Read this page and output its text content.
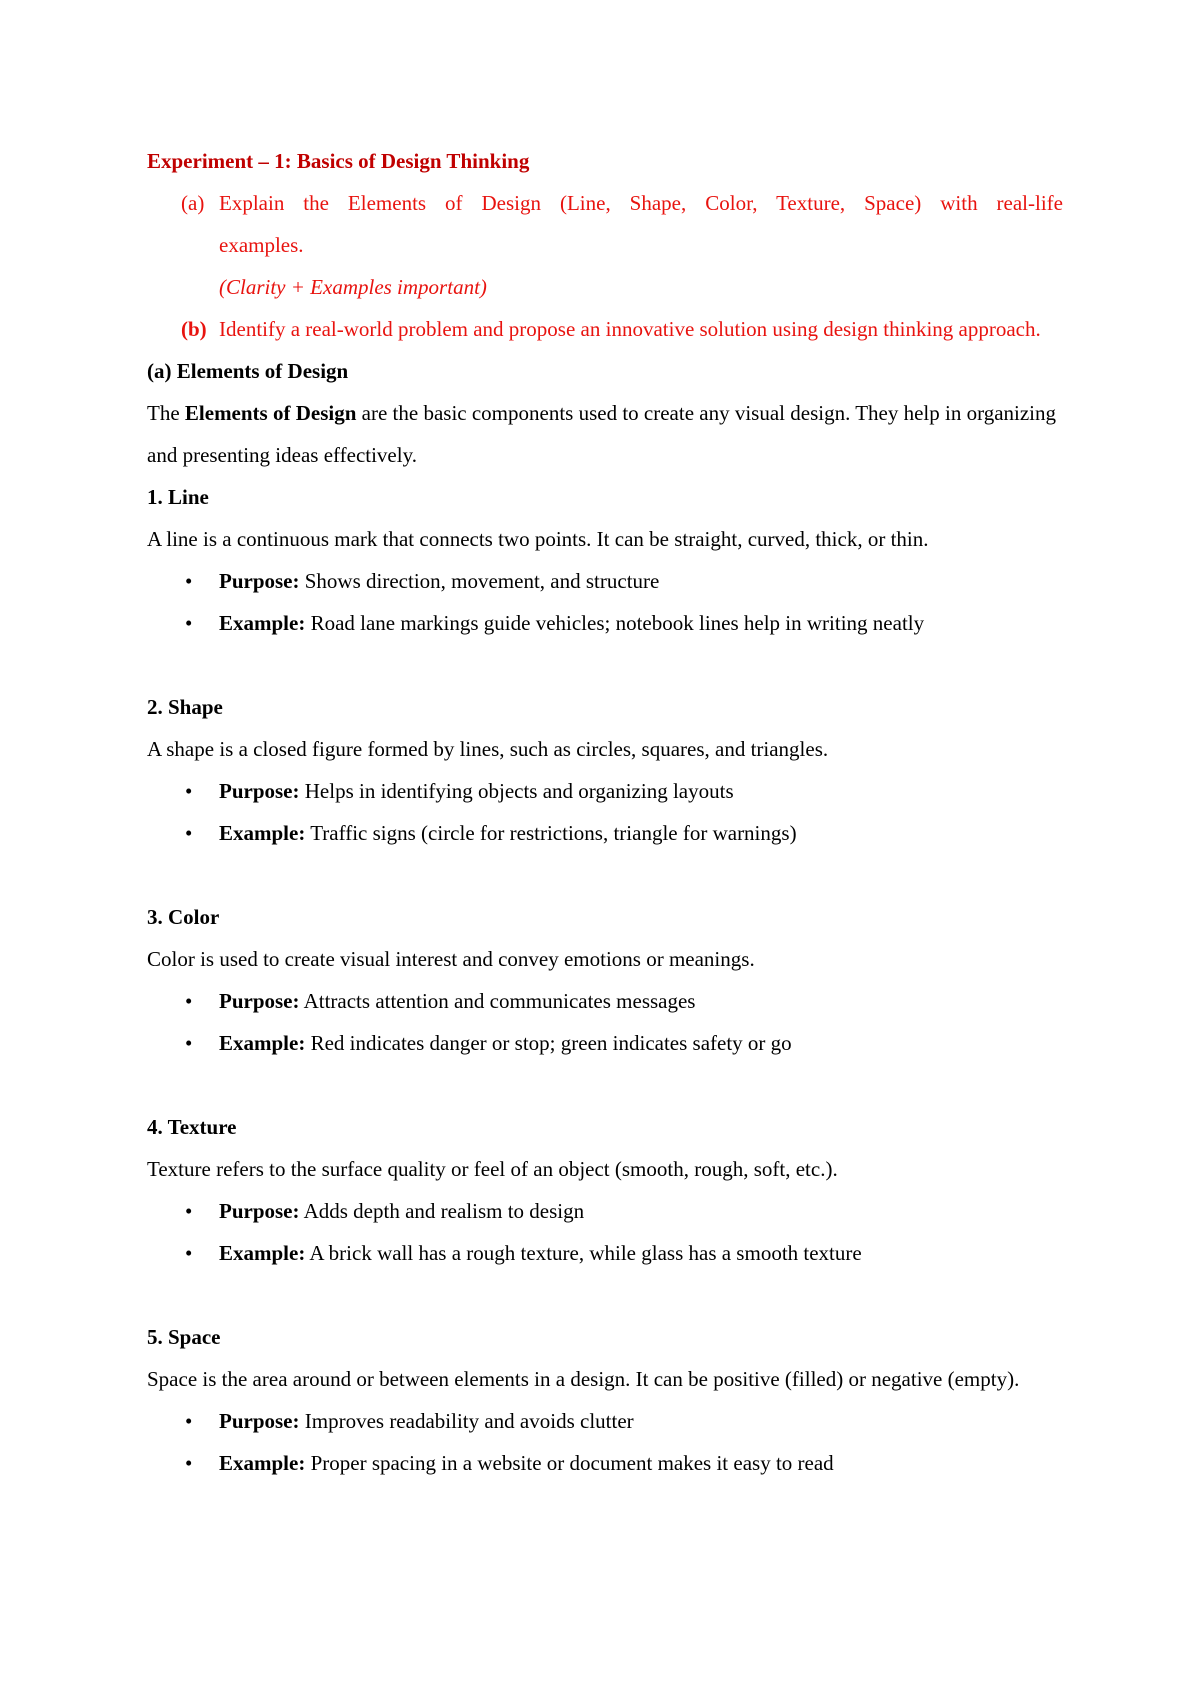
Experiment – 1: Basics of Design Thinking
(a) Explain the Elements of Design (Line, Shape, Color, Texture, Space) with real-life
examples.
(Clarity + Examples important)
(b) Identify a real-world problem and propose an innovative solution using design thinking approach.
(a) Elements of Design
The Elements of Design are the basic components used to create any visual design. They help in organizing and presenting ideas effectively.
1. Line
A line is a continuous mark that connects two points. It can be straight, curved, thick, or thin.
• Purpose: Shows direction, movement, and structure
• Example: Road lane markings guide vehicles; notebook lines help in writing neatly
2. Shape
A shape is a closed figure formed by lines, such as circles, squares, and triangles.
• Purpose: Helps in identifying objects and organizing layouts
• Example: Traffic signs (circle for restrictions, triangle for warnings)
3. Color
Color is used to create visual interest and convey emotions or meanings.
• Purpose: Attracts attention and communicates messages
• Example: Red indicates danger or stop; green indicates safety or go
4. Texture
Texture refers to the surface quality or feel of an object (smooth, rough, soft, etc.).
• Purpose: Adds depth and realism to design
• Example: A brick wall has a rough texture, while glass has a smooth texture
5. Space
Space is the area around or between elements in a design. It can be positive (filled) or negative (empty).
• Purpose: Improves readability and avoids clutter
• Example: Proper spacing in a website or document makes it easy to read
